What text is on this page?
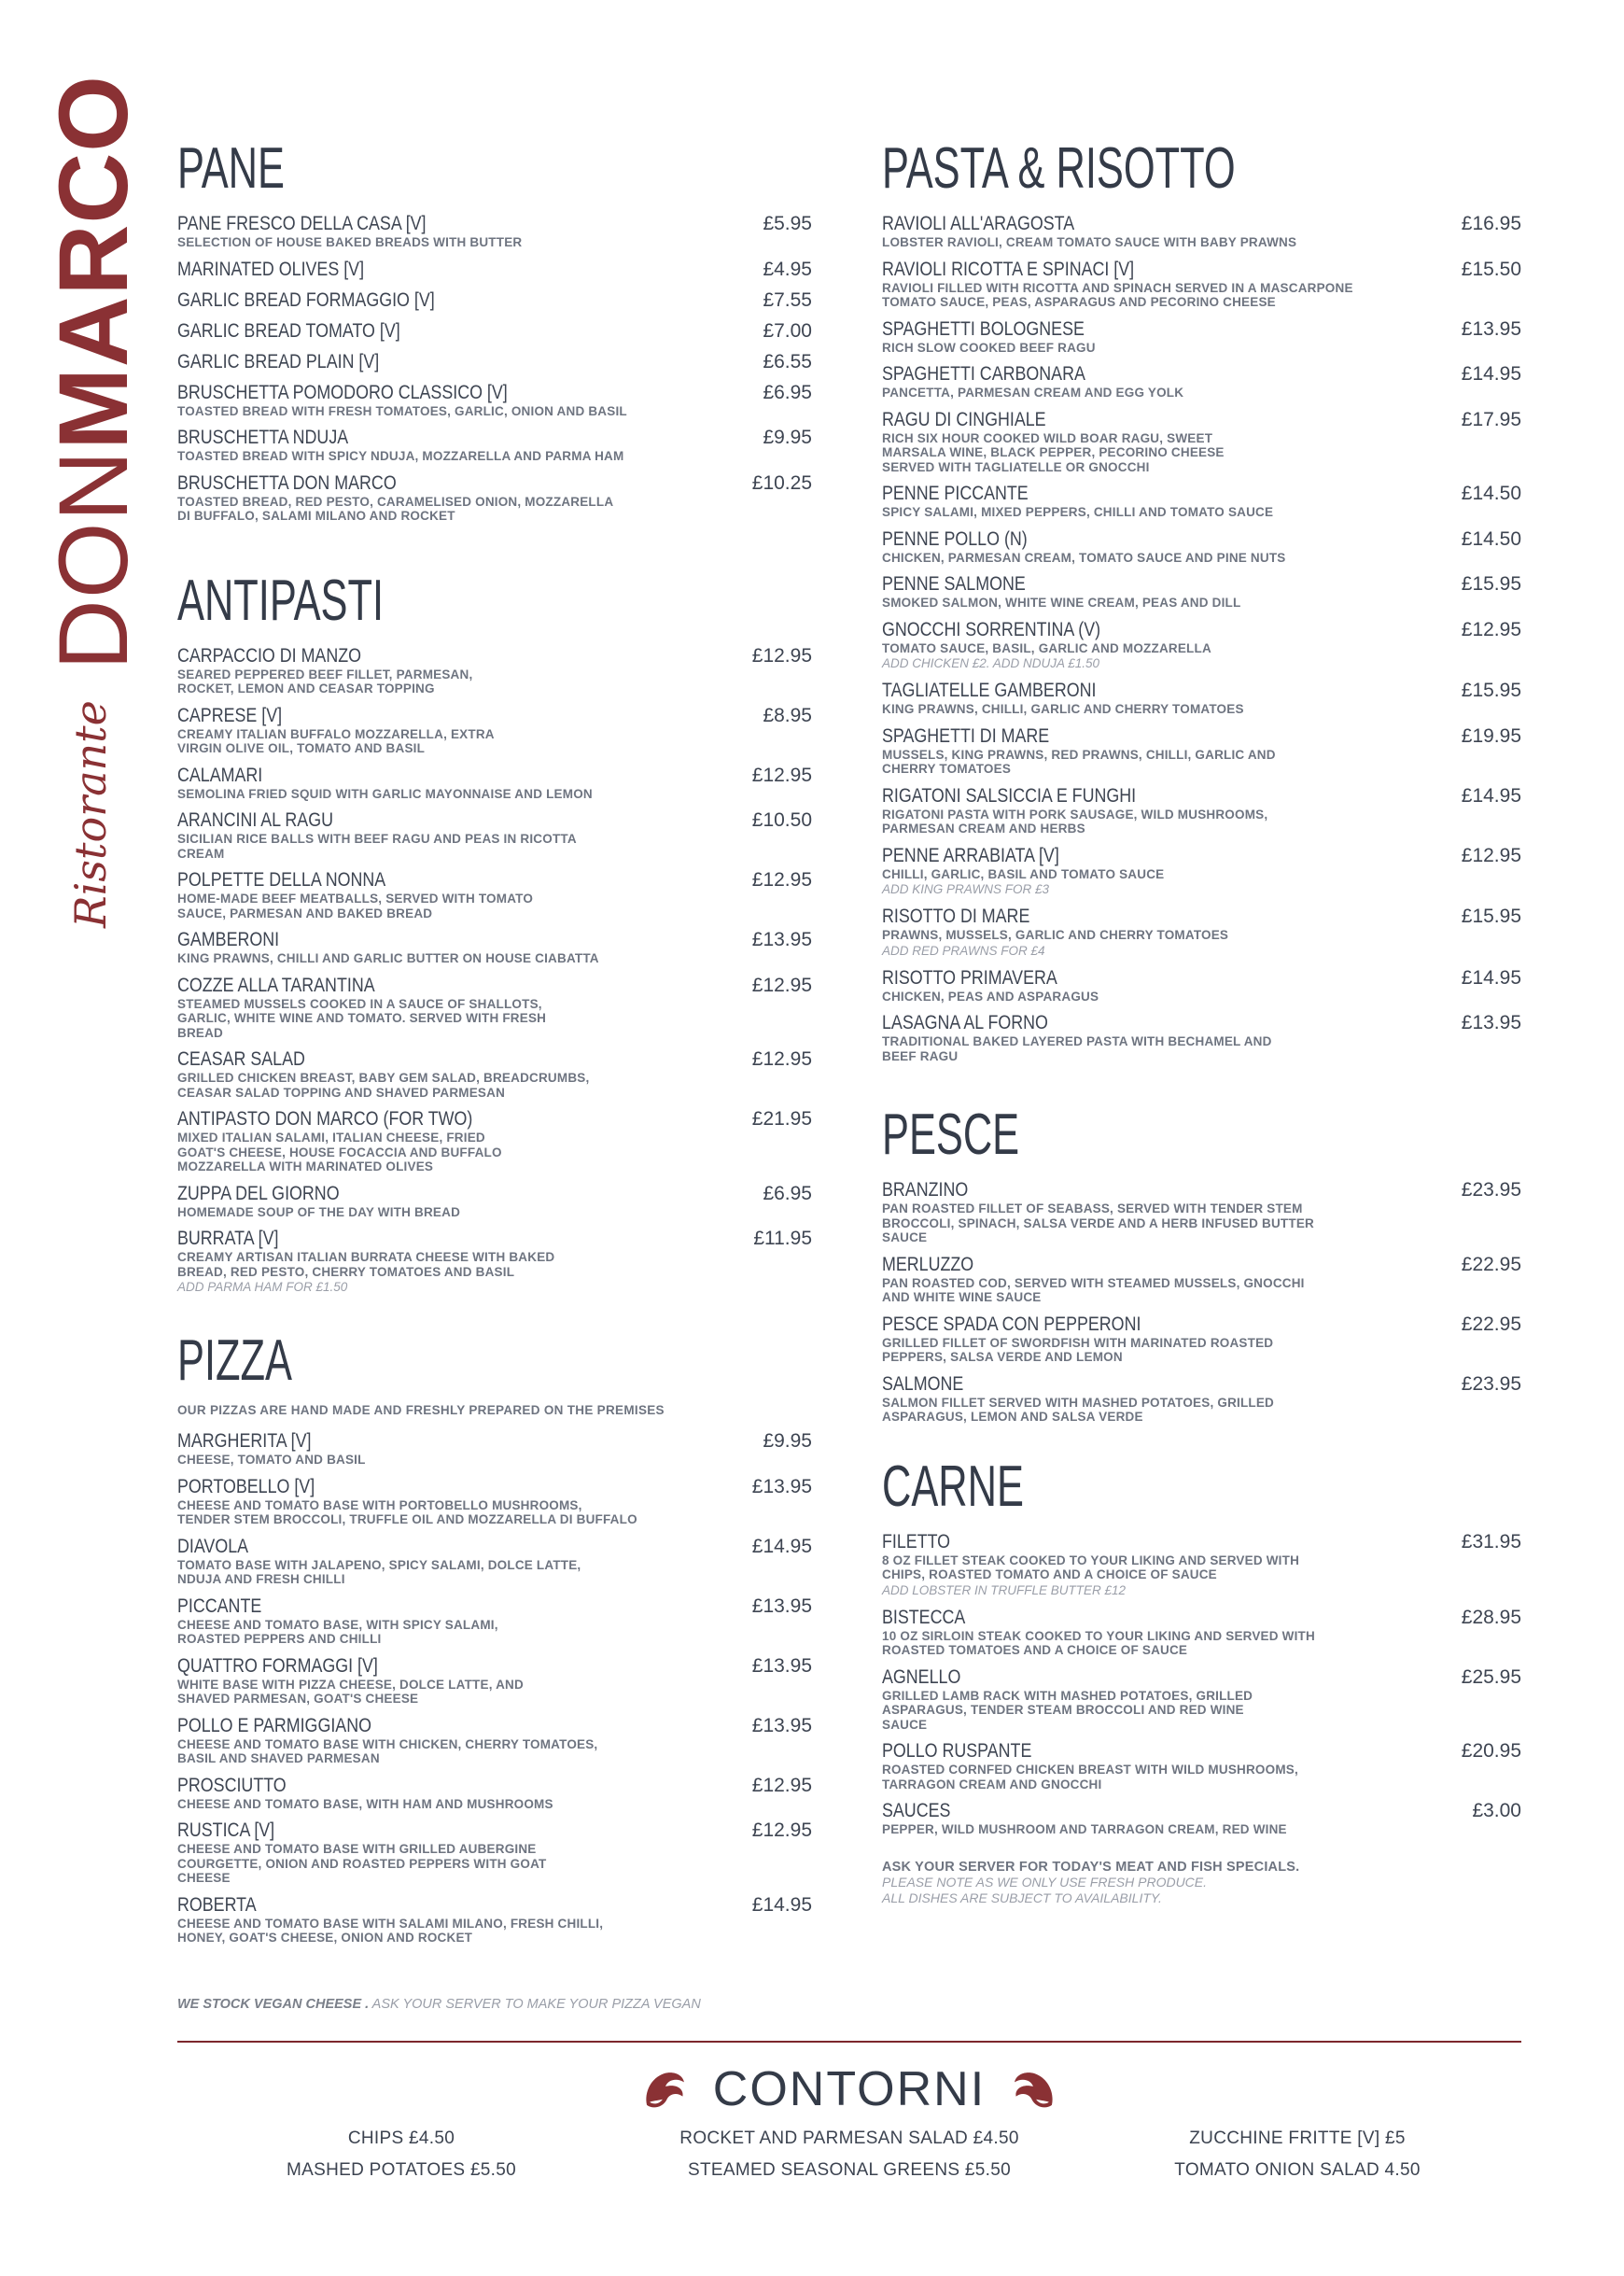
DONMARCO
Ristorante
PANE
PANE FRESCO DELLA CASA [V]	£5.95
SELECTION OF HOUSE BAKED BREADS WITH BUTTER
MARINATED OLIVES [V]	£4.95
GARLIC BREAD FORMAGGIO [V]	£7.55
GARLIC BREAD TOMATO [V]	£7.00
GARLIC BREAD PLAIN [V]	£6.55
BRUSCHETTA POMODORO CLASSICO [V]	£6.95
TOASTED BREAD WITH FRESH TOMATOES, GARLIC, ONION AND BASIL
BRUSCHETTA NDUJA	£9.95
TOASTED BREAD WITH SPICY NDUJA, MOZZARELLA AND PARMA HAM
BRUSCHETTA DON MARCO	£10.25
TOASTED BREAD, RED PESTO, CARAMELISED ONION, MOZZARELLA
DI BUFFALO, SALAMI MILANO AND ROCKET
ANTIPASTI
CARPACCIO DI MANZO	£12.95
SEARED PEPPERED BEEF FILLET, PARMESAN,
ROCKET, LEMON AND CEASAR TOPPING
CAPRESE [V]	£8.95
CREAMY ITALIAN BUFFALO MOZZARELLA, EXTRA
VIRGIN OLIVE OIL, TOMATO AND BASIL
CALAMARI	£12.95
SEMOLINA FRIED SQUID WITH GARLIC MAYONNAISE AND LEMON
ARANCINI AL RAGU	£10.50
SICILIAN RICE BALLS WITH BEEF RAGU AND PEAS IN RICOTTA
CREAM
POLPETTE DELLA NONNA	£12.95
HOME-MADE BEEF MEATBALLS, SERVED WITH TOMATO
SAUCE, PARMESAN AND BAKED BREAD
GAMBERONI	£13.95
KING PRAWNS, CHILLI AND GARLIC BUTTER ON HOUSE CIABATTA
COZZE ALLA TARANTINA	£12.95
STEAMED MUSSELS COOKED IN A SAUCE OF SHALLOTS,
GARLIC, WHITE WINE AND TOMATO. SERVED WITH FRESH
BREAD
CEASAR SALAD	£12.95
GRILLED CHICKEN BREAST, BABY GEM SALAD, BREADCRUMBS,
CEASAR SALAD TOPPING AND SHAVED PARMESAN
ANTIPASTO DON MARCO (FOR TWO)	£21.95
MIXED ITALIAN SALAMI, ITALIAN CHEESE, FRIED
GOAT'S CHEESE, HOUSE FOCACCIA AND BUFFALO
MOZZARELLA WITH MARINATED OLIVES
ZUPPA DEL GIORNO	£6.95
HOMEMADE SOUP OF THE DAY WITH BREAD
BURRATA [V]	£11.95
CREAMY ARTISAN ITALIAN BURRATA CHEESE WITH BAKED
BREAD, RED PESTO, CHERRY TOMATOES AND BASIL
ADD PARMA HAM FOR £1.50
PIZZA
OUR PIZZAS ARE HAND MADE AND FRESHLY PREPARED ON THE PREMISES
MARGHERITA [V]	£9.95
CHEESE, TOMATO AND BASIL
PORTOBELLO [V]	£13.95
CHEESE AND TOMATO BASE WITH PORTOBELLO MUSHROOMS,
TENDER STEM BROCCOLI, TRUFFLE OIL AND MOZZARELLA DI BUFFALO
DIAVOLA	£14.95
TOMATO BASE WITH JALAPENO, SPICY SALAMI, DOLCE LATTE,
NDUJA AND FRESH CHILLI
PICCANTE	£13.95
CHEESE AND TOMATO BASE, WITH SPICY SALAMI,
ROASTED PEPPERS AND CHILLI
QUATTRO FORMAGGI [V]	£13.95
WHITE BASE WITH PIZZA CHEESE, DOLCE LATTE, AND
SHAVED PARMESAN, GOAT'S CHEESE
POLLO E PARMIGGIANO	£13.95
CHEESE AND TOMATO BASE WITH CHICKEN, CHERRY TOMATOES,
BASIL AND SHAVED PARMESAN
PROSCIUTTO	£12.95
CHEESE AND TOMATO BASE, WITH HAM AND MUSHROOMS
RUSTICA [V]	£12.95
CHEESE AND TOMATO BASE WITH GRILLED AUBERGINE
COURGETTE, ONION AND ROASTED PEPPERS WITH GOAT
CHEESE
ROBERTA	£14.95
CHEESE AND TOMATO BASE WITH SALAMI MILANO, FRESH CHILLI,
HONEY, GOAT'S CHEESE, ONION AND ROCKET
WE STOCK VEGAN CHEESE . ASK YOUR SERVER TO MAKE YOUR PIZZA VEGAN
PASTA & RISOTTO
RAVIOLI ALL'ARAGOSTA	£16.95
LOBSTER RAVIOLI, CREAM TOMATO SAUCE WITH BABY PRAWNS
RAVIOLI RICOTTA E SPINACI [V]	£15.50
RAVIOLI FILLED WITH RICOTTA AND SPINACH SERVED IN A MASCARPONE
TOMATO SAUCE, PEAS, ASPARAGUS AND PECORINO CHEESE
SPAGHETTI BOLOGNESE	£13.95
RICH SLOW COOKED BEEF RAGU
SPAGHETTI CARBONARA	£14.95
PANCETTA, PARMESAN CREAM AND EGG YOLK
RAGU DI CINGHIALE	£17.95
RICH SIX HOUR COOKED WILD BOAR RAGU, SWEET
MARSALA WINE, BLACK PEPPER, PECORINO CHEESE
SERVED WITH TAGLIATELLE OR GNOCCHI
PENNE PICCANTE	£14.50
SPICY SALAMI, MIXED PEPPERS, CHILLI AND TOMATO SAUCE
PENNE POLLO (N)	£14.50
CHICKEN, PARMESAN CREAM, TOMATO SAUCE AND PINE NUTS
PENNE SALMONE	£15.95
SMOKED SALMON, WHITE WINE CREAM, PEAS AND DILL
GNOCCHI SORRENTINA (V)	£12.95
TOMATO SAUCE, BASIL, GARLIC AND MOZZARELLA
ADD CHICKEN £2. ADD NDUJA £1.50
TAGLIATELLE GAMBERONI	£15.95
KING PRAWNS, CHILLI, GARLIC AND CHERRY TOMATOES
SPAGHETTI DI MARE	£19.95
MUSSELS, KING PRAWNS, RED PRAWNS, CHILLI, GARLIC AND
CHERRY TOMATOES
RIGATONI SALSICCIA E FUNGHI	£14.95
RIGATONI PASTA WITH PORK SAUSAGE, WILD MUSHROOMS,
PARMESAN CREAM AND HERBS
PENNE ARRABIATA [V]	£12.95
CHILLI, GARLIC, BASIL AND TOMATO SAUCE
ADD KING PRAWNS FOR £3
RISOTTO DI MARE	£15.95
PRAWNS, MUSSELS, GARLIC AND CHERRY TOMATOES
ADD RED PRAWNS FOR £4
RISOTTO PRIMAVERA	£14.95
CHICKEN, PEAS AND ASPARAGUS
LASAGNA AL FORNO	£13.95
TRADITIONAL BAKED LAYERED PASTA WITH BECHAMEL AND
BEEF RAGU
PESCE
BRANZINO	£23.95
PAN ROASTED FILLET OF SEABASS, SERVED WITH TENDER STEM
BROCCOLI, SPINACH, SALSA VERDE AND A HERB INFUSED BUTTER
SAUCE
MERLUZZO	£22.95
PAN ROASTED COD, SERVED WITH STEAMED MUSSELS, GNOCCHI
AND WHITE WINE SAUCE
PESCE SPADA CON PEPPERONI	£22.95
GRILLED FILLET OF SWORDFISH WITH MARINATED ROASTED
PEPPERS, SALSA VERDE AND LEMON
SALMONE	£23.95
SALMON FILLET SERVED WITH MASHED POTATOES, GRILLED
ASPARAGUS, LEMON AND SALSA VERDE
CARNE
FILETTO	£31.95
8 OZ FILLET STEAK COOKED TO YOUR LIKING AND SERVED WITH
CHIPS, ROASTED TOMATO AND A CHOICE OF SAUCE
ADD LOBSTER IN TRUFFLE BUTTER £12
BISTECCA	£28.95
10 OZ SIRLOIN STEAK COOKED TO YOUR LIKING AND SERVED WITH
ROASTED TOMATOES AND A CHOICE OF SAUCE
AGNELLO	£25.95
GRILLED LAMB RACK WITH MASHED POTATOES, GRILLED
ASPARAGUS, TENDER STEAM BROCCOLI AND RED WINE
SAUCE
POLLO RUSPANTE	£20.95
ROASTED CORNFED CHICKEN BREAST WITH WILD MUSHROOMS,
TARRAGON CREAM AND GNOCCHI
SAUCES	£3.00
PEPPER, WILD MUSHROOM AND TARRAGON CREAM, RED WINE
ASK YOUR SERVER FOR TODAY'S MEAT AND FISH SPECIALS.
PLEASE NOTE AS WE ONLY USE FRESH PRODUCE.
ALL DISHES ARE SUBJECT TO AVAILABILITY.
CONTORNI
CHIPS £4.50	ROCKET AND PARMESAN SALAD £4.50	ZUCCHINE FRITTE [V] £5
MASHED POTATOES £5.50	STEAMED SEASONAL GREENS £5.50	TOMATO ONION SALAD 4.50
